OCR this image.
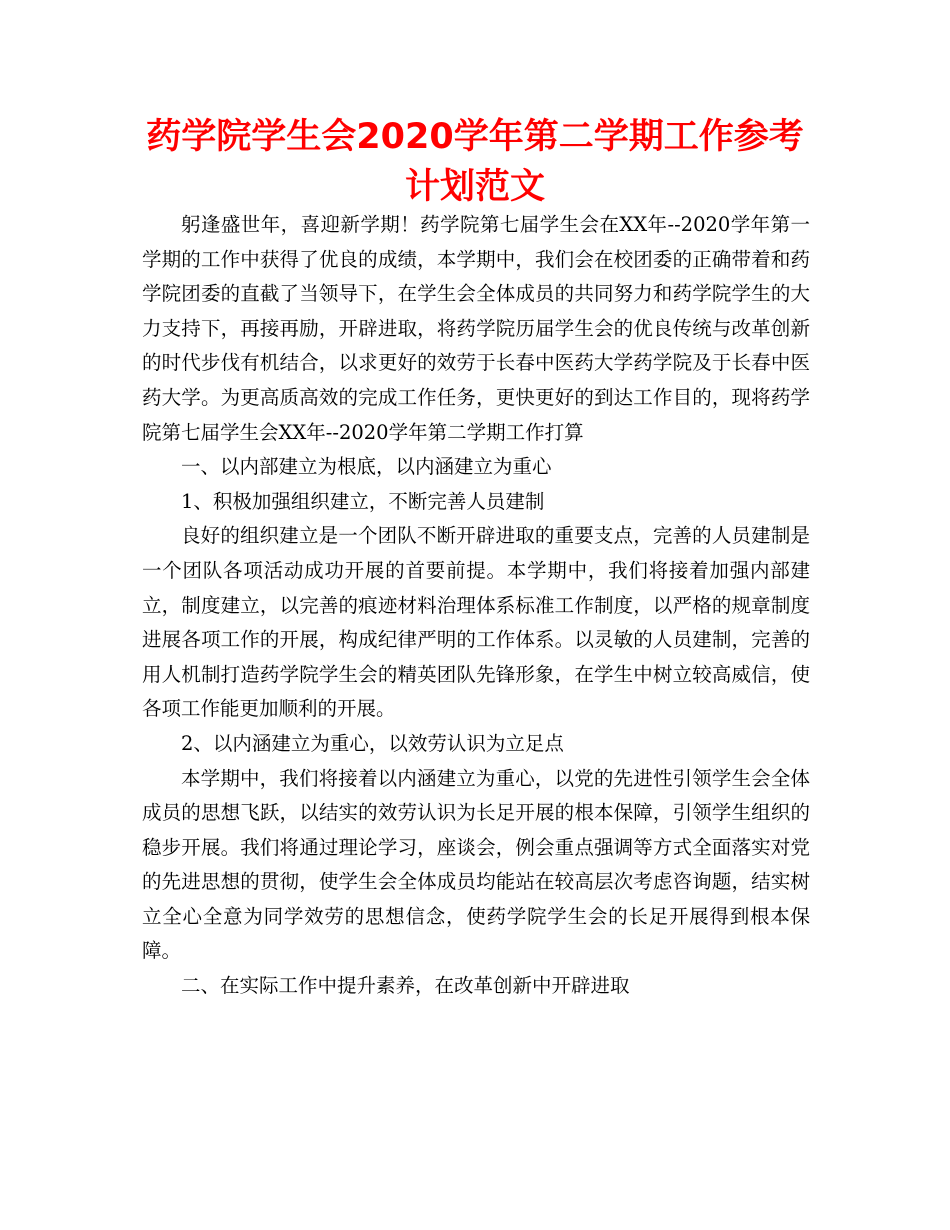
药学院学生会2020学年第二学期工作参考
计划范文

躬逢盛世年，喜迎新学期！药学院第七届学生会在XX年--2020学年第一学期的工作中获得了优良的成绩，本学期中，我们会在校团委的正确带着和药学院团委的直截了当领导下，在学生会全体成员的共同努力和药学院学生的大力支持下，再接再励，开辟进取，将药学院历届学生会的优良传统与改革创新的时代步伐有机结合，以求更好的效劳于长春中医药大学药学院及于长春中医药大学。为更高质高效的完成工作任务，更快更好的到达工作目的，现将药学院第七届学生会XX年--2020学年第二学期工作打算

一、以内部建立为根底，以内涵建立为重心

1、积极加强组织建立，不断完善人员建制

良好的组织建立是一个团队不断开辟进取的重要支点，完善的人员建制是一个团队各项活动成功开展的首要前提。本学期中，我们将接着加强内部建立，制度建立，以完善的痕迹材料治理体系标准工作制度，以严格的规章制度进展各项工作的开展，构成纪律严明的工作体系。以灵敏的人员建制，完善的用人机制打造药学院学生会的精英团队先锋形象，在学生中树立较高威信，使各项工作能更加顺利的开展。

2、以内涵建立为重心，以效劳认识为立足点

本学期中，我们将接着以内涵建立为重心，以党的先进性引领学生会全体成员的思想飞跃，以结实的效劳认识为长足开展的根本保障，引领学生组织的稳步开展。我们将通过理论学习，座谈会，例会重点强调等方式全面落实对党的先进思想的贯彻，使学生会全体成员均能站在较高层次考虑咨询题，结实树立全心全意为同学效劳的思想信念，使药学院学生会的长足开展得到根本保障。

二、在实际工作中提升素养，在改革创新中开辟进取
